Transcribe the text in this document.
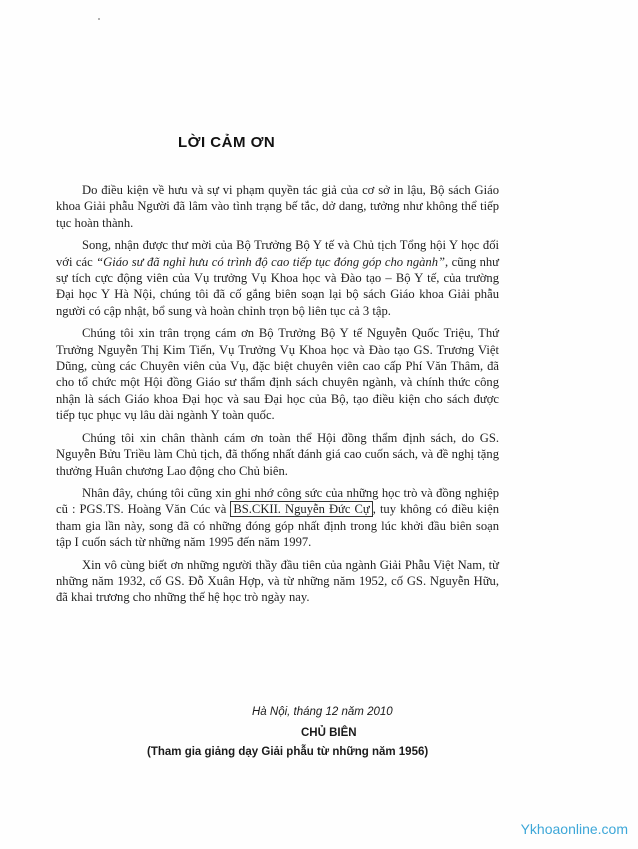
LỜI CẢM ƠN

Do điều kiện về hưu và sự vi phạm quyền tác giả của cơ sở in lậu, Bộ sách Giáo khoa Giải phẫu Người đã lâm vào tình trạng bế tắc, dở dang, tưởng như không thể tiếp tục hoàn thành.

Song, nhận được thư mời của Bộ Trưởng Bộ Y tế và Chủ tịch Tổng hội Y học đối với các “Giáo sư đã nghỉ hưu có trình độ cao tiếp tục đóng góp cho ngành”, cũng như sự tích cực động viên của Vụ trưởng Vụ Khoa học và Đào tạo – Bộ Y tế, của trường Đại học Y Hà Nội, chúng tôi đã cố gắng biên soạn lại bộ sách Giáo khoa Giải phẫu người có cập nhật, bổ sung và hoàn chỉnh trọn bộ liên tục cả 3 tập.

Chúng tôi xin trân trọng cám ơn Bộ Trưởng Bộ Y tế Nguyễn Quốc Triệu, Thứ Trưởng Nguyễn Thị Kim Tiến, Vụ Trưởng Vụ Khoa học và Đào tạo GS. Trương Việt Dũng, cùng các Chuyên viên của Vụ, đặc biệt chuyên viên cao cấp Phí Văn Thâm, đã cho tổ chức một Hội đồng Giáo sư thẩm định sách chuyên ngành, và chính thức công nhận là sách Giáo khoa Đại học và sau Đại học của Bộ, tạo điều kiện cho sách được tiếp tục phục vụ lâu dài ngành Y toàn quốc.

Chúng tôi xin chân thành cám ơn toàn thể Hội đồng thẩm định sách, do GS. Nguyễn Bửu Triều làm Chủ tịch, đã thống nhất đánh giá cao cuốn sách, và đề nghị tặng thưởng Huân chương Lao động cho Chủ biên.

Nhân đây, chúng tôi cũng xin ghi nhớ công sức của những học trò và đồng nghiệp cũ : PGS.TS. Hoàng Văn Cúc và BS.CKII. Nguyễn Đức Cự , tuy không có điều kiện tham gia lần này, song đã có những đóng góp nhất định trong lúc khởi đầu biên soạn tập I cuốn sách từ những năm 1995 đến năm 1997.

Xin vô cùng biết ơn những người thầy đầu tiên của ngành Giải Phẫu Việt Nam, từ những năm 1932, cố GS. Đỗ Xuân Hợp, và từ những năm 1952, cố GS. Nguyễn Hữu, đã khai trương cho những thế hệ học trò ngày nay.

Hà Nội, tháng 12 năm 2010
CHỦ BIÊN
(Tham gia giảng dạy Giải phẫu từ những năm 1956)
Ykhoaonline.com
